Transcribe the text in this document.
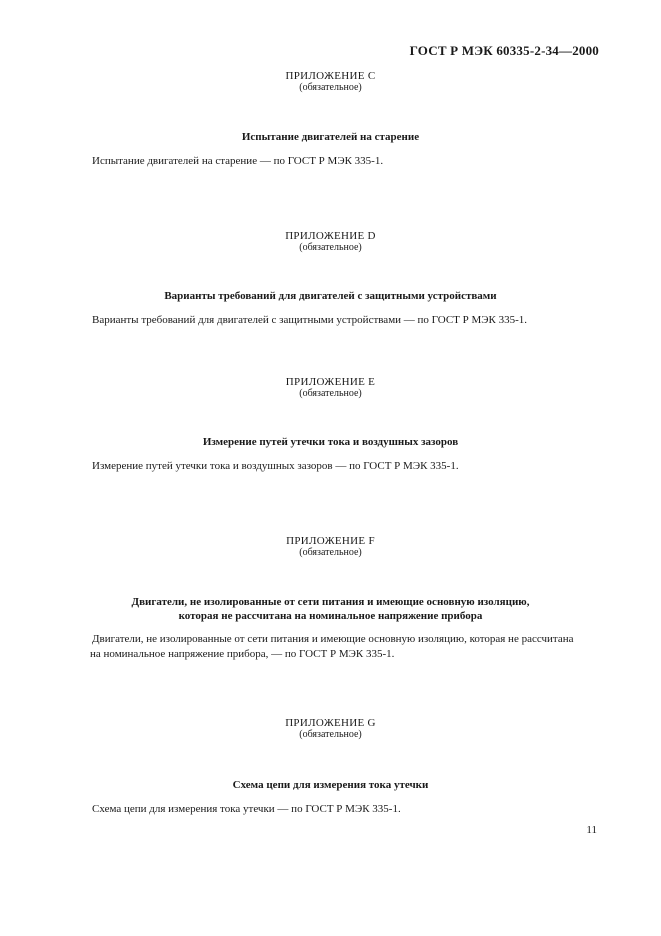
ГОСТ Р МЭК 60335-2-34—2000
ПРИЛОЖЕНИЕ С
(обязательное)
Испытание двигателей на старение
Испытание двигателей на старение — по ГОСТ Р МЭК 335-1.
ПРИЛОЖЕНИЕ D
(обязательное)
Варианты требований для двигателей с защитными устройствами
Варианты требований для двигателей с защитными устройствами — по ГОСТ Р МЭК 335-1.
ПРИЛОЖЕНИЕ Е
(обязательное)
Измерение путей утечки тока и воздушных зазоров
Измерение путей утечки тока и воздушных зазоров — по ГОСТ Р МЭК 335-1.
ПРИЛОЖЕНИЕ F
(обязательное)
Двигатели, не изолированные от сети питания и имеющие основную изоляцию,
которая не рассчитана на номинальное напряжение прибора
Двигатели, не изолированные от сети питания и имеющие основную изоляцию, которая не рассчитана
на номинальное напряжение прибора, — по ГОСТ Р МЭК 335-1.
ПРИЛОЖЕНИЕ G
(обязательное)
Схема цепи для измерения тока утечки
Схема цепи для измерения тока утечки — по ГОСТ Р МЭК 335-1.
11
